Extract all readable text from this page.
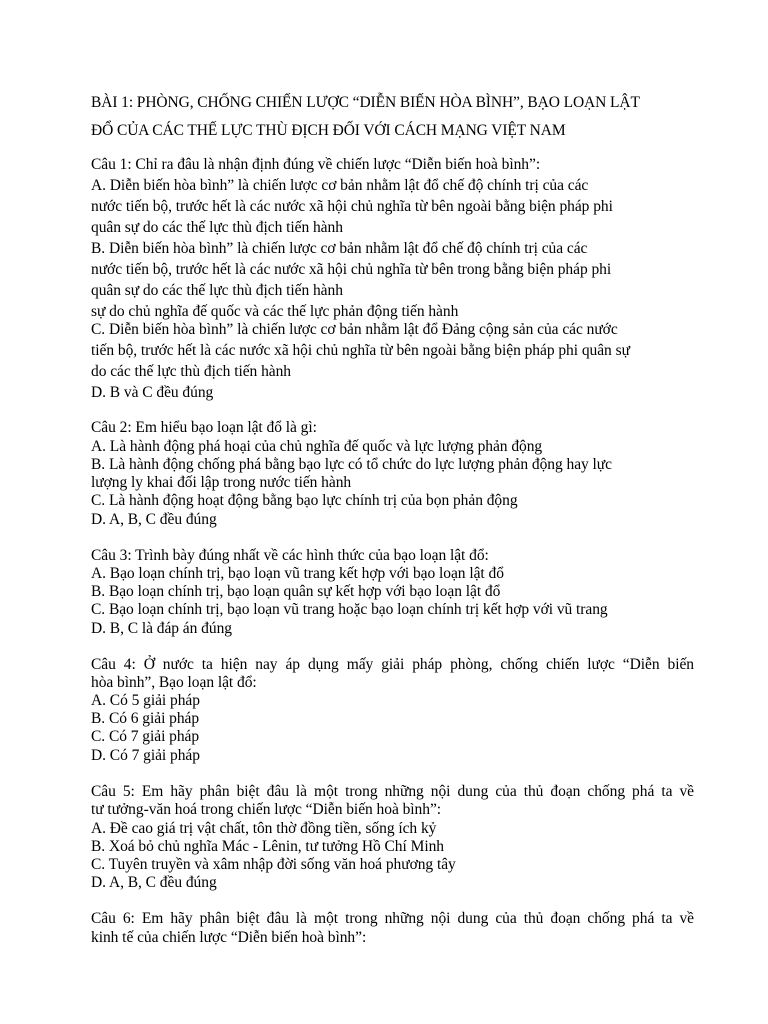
BÀI 1: PHÒNG, CHỐNG CHIẾN LƯỢC “DIỄN BIẾN HÒA BÌNH”, BẠO LOẠN LẬT
ĐỔ CỦA CÁC THẾ LỰC THÙ ĐỊCH ĐỐI VỚI CÁCH MẠNG VIỆT NAM
Câu 1: Chỉ ra đâu là nhận định đúng về chiến lược “Diễn biến hoà bình”:
A. Diễn biến hòa bình” là chiến lược cơ bản nhằm lật đổ chế độ chính trị của các
nước tiến bộ, trước hết là các nước xã hội chủ nghĩa từ bên ngoài bằng biện pháp phi
quân sự do các thế lực thù địch tiến hành
B. Diễn biến hòa bình” là chiến lược cơ bản nhằm lật đổ chế độ chính trị của các
nước tiến bộ, trước hết là các nước xã hội chủ nghĩa từ bên trong bằng biện pháp phi
quân sự do các thế lực thù địch tiến hành
sự do chủ nghĩa đế quốc và các thế lực phản động tiến hành
C. Diễn biến hòa bình” là chiến lược cơ bản nhằm lật đổ Đảng cộng sản của các nước
tiến bộ, trước hết là các nước xã hội chủ nghĩa từ bên ngoài bằng biện pháp phi quân sự
do các thế lực thù địch tiến hành
D. B và C đều đúng
Câu 2: Em hiểu bạo loạn lật đổ là gì:
A. Là hành động phá hoại của chủ nghĩa đế quốc và lực lượng phản động
B. Là hành động chống phá bằng bạo lực có tổ chức do lực lượng phản động hay lực
lượng ly khai đối lập trong nước tiến hành
C. Là hành động hoạt động bằng bạo lực chính trị của bọn phản động
D. A, B, C đều đúng
Câu 3: Trình bày đúng nhất về các hình thức của bạo loạn lật đổ:
A. Bạo loạn chính trị, bạo loạn vũ trang kết hợp với bạo loạn lật đổ
B. Bạo loạn chính trị, bạo loạn quân sự kết hợp với bạo loạn lật đổ
C. Bạo loạn chính trị, bạo loạn vũ trang hoặc bạo loạn chính trị kết hợp với vũ trang
D. B, C là đáp án đúng
Câu 4: Ở nước ta hiện nay áp dụng mấy giải pháp phòng, chống chiến lược “Diễn biến
hòa bình”, Bạo loạn lật đổ:
A. Có 5 giải pháp
B. Có 6 giải pháp
C. Có 7 giải pháp
D. Có 7 giải pháp
Câu 5: Em hãy phân biệt đâu là một trong những nội dung của thủ đoạn chống phá ta về
tư tưởng-văn hoá trong chiến lược “Diễn biến hoà bình”:
A. Đề cao giá trị vật chất, tôn thờ đồng tiền, sống ích kỷ
B. Xoá bỏ chủ nghĩa Mác - Lênin, tư tưởng Hồ Chí Minh
C. Tuyên truyền và xâm nhập đời sống văn hoá phương tây
D. A, B, C đều đúng
Câu 6: Em hãy phân biệt đâu là một trong những nội dung của thủ đoạn chống phá ta về
kinh tế của chiến lược “Diễn biến hoà bình”:
